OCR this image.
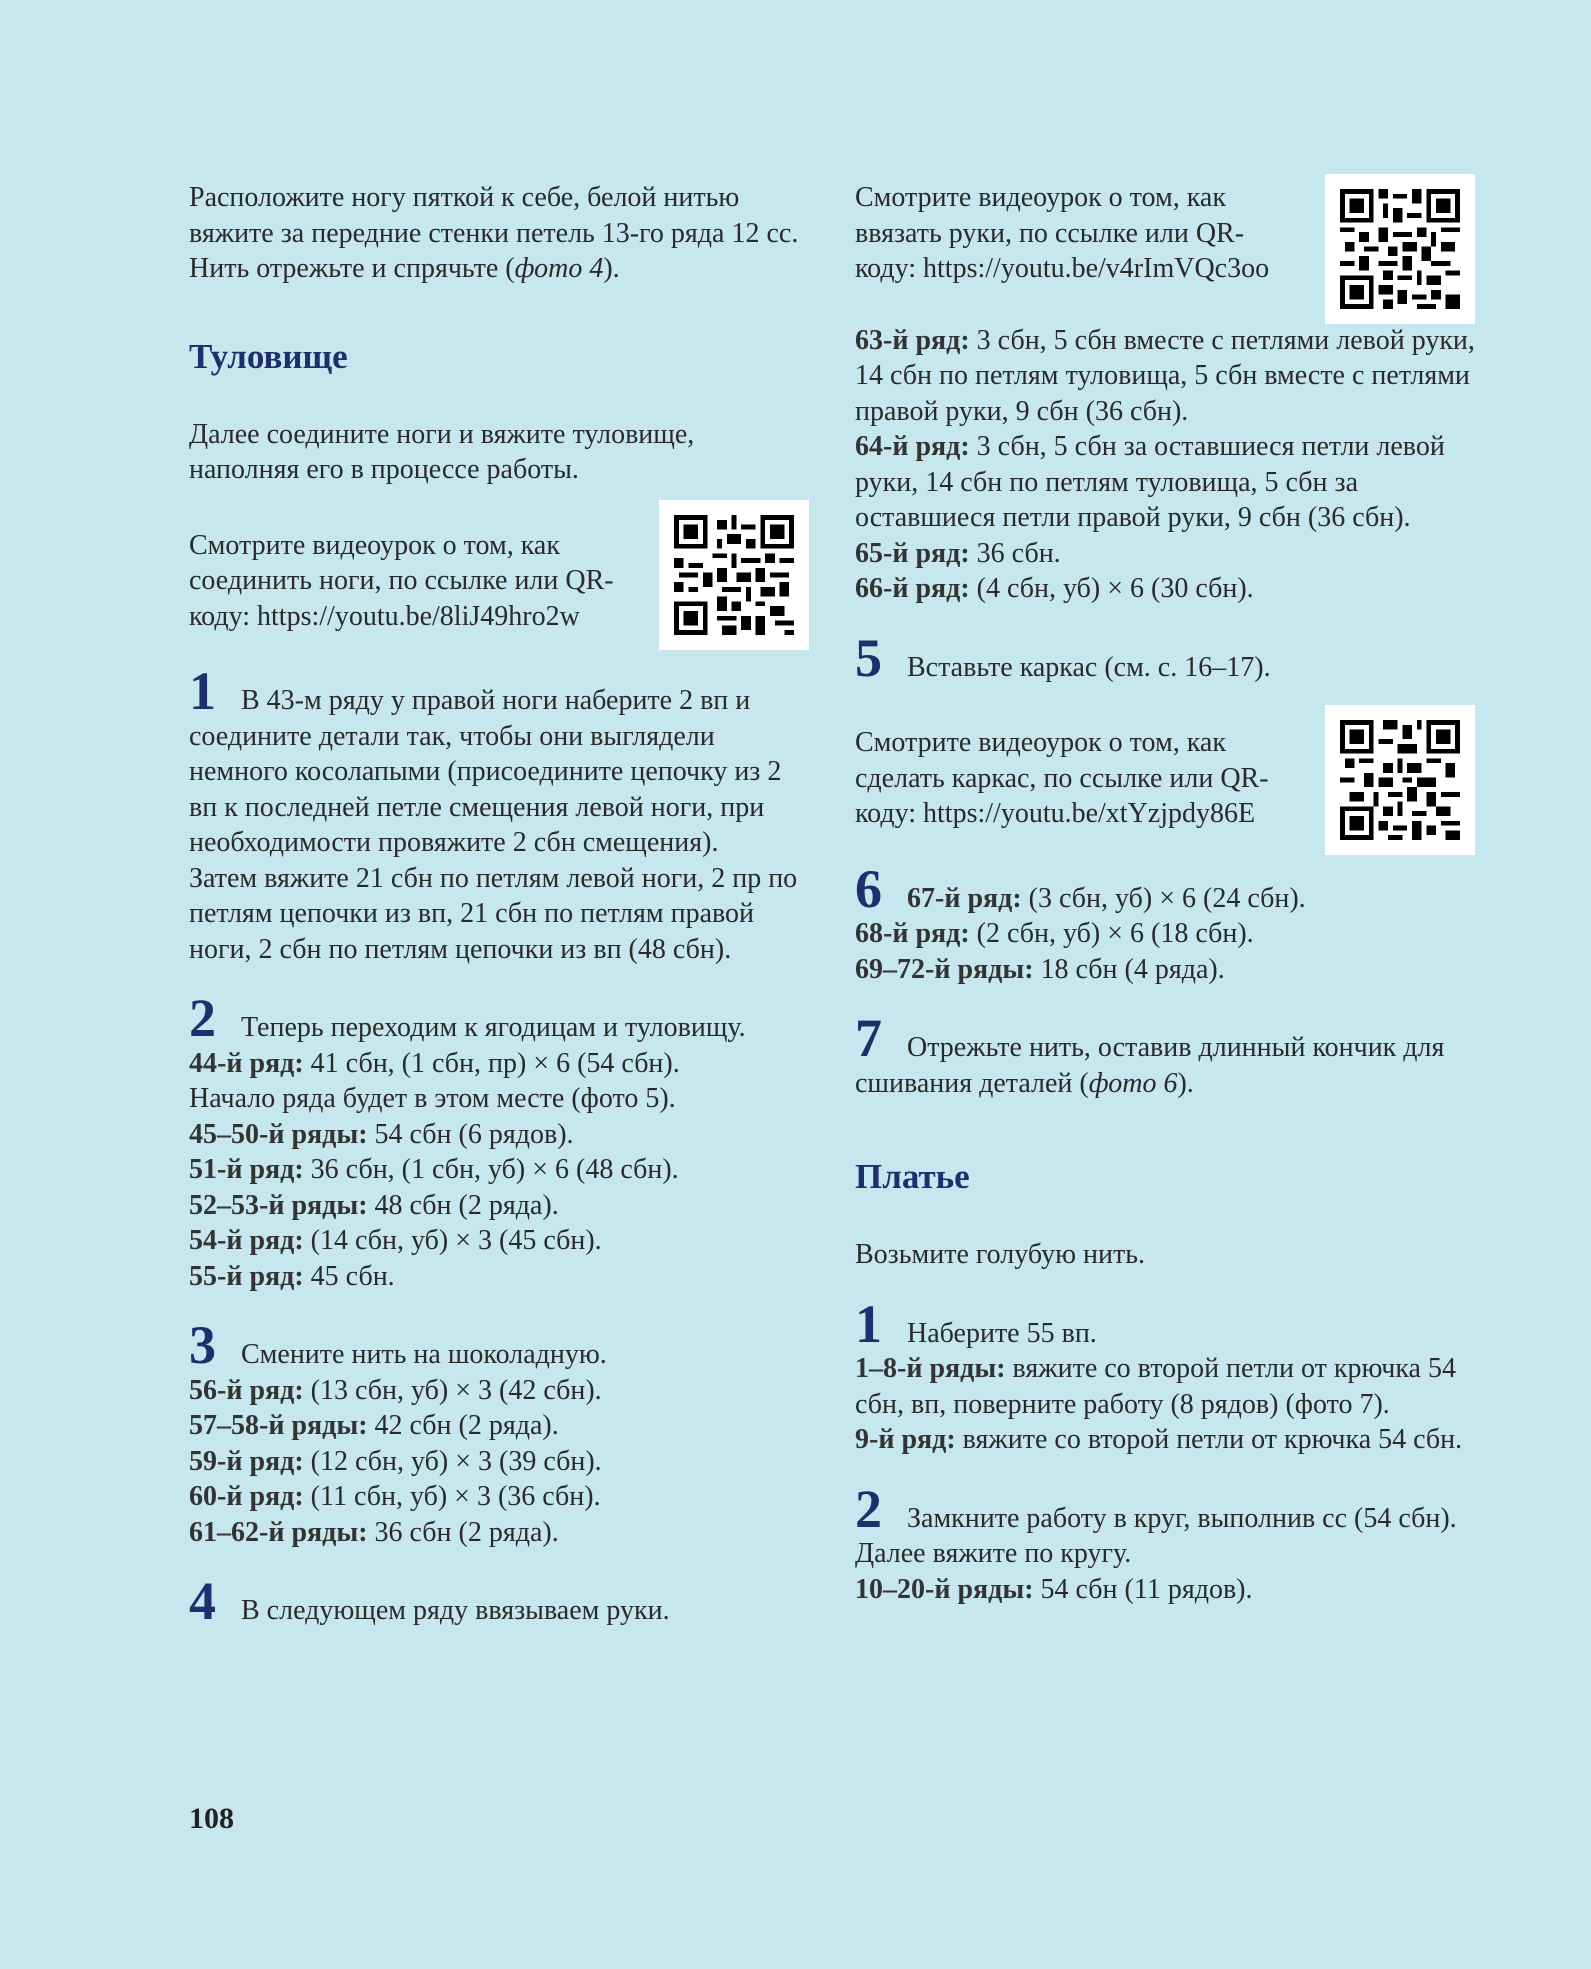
Расположите ногу пяткой к себе, белой нитью вяжите за передние стенки петель 13-го ряда 12 сс. Нить отрежьте и спрячьте (фото 4).

Туловище

Далее соедините ноги и вяжите туловище, наполняя его в процессе работы.

Смотрите видеоурок о том, как соединить ноги, по ссылке или QR-коду: https://youtu.be/8liJ49hro2w

1 В 43-м ряду у правой ноги наберите 2 вп и соедините детали так, чтобы они выглядели немного косолапыми (присоедините цепочку из 2 вп к последней петле смещения левой ноги, при необходимости провяжите 2 сбн смещения).

Затем вяжите 21 сбн по петлям левой ноги, 2 пр по петлям цепочки из вп, 21 сбн по петлям правой ноги, 2 сбн по петлям цепочки из вп (48 сбн).

2 Теперь переходим к ягодицам и туловищу.

44-й ряд: 41 сбн, (1 сбн, пр) × 6 (54 сбн).

Начало ряда будет в этом месте (фото 5).

45–50-й ряды: 54 сбн (6 рядов).

51-й ряд: 36 сбн, (1 сбн, уб) × 6 (48 сбн).

52–53-й ряды: 48 сбн (2 ряда).

54-й ряд: (14 сбн, уб) × 3 (45 сбн).

55-й ряд: 45 сбн.

3 Смените нить на шоколадную.

56-й ряд: (13 сбн, уб) × 3 (42 сбн).

57–58-й ряды: 42 сбн (2 ряда).

59-й ряд: (12 сбн, уб) × 3 (39 сбн).

60-й ряд: (11 сбн, уб) × 3 (36 сбн).

61–62-й ряды: 36 сбн (2 ряда).

4 В следующем ряду ввязываем руки.

Смотрите видеоурок о том, как ввязать руки, по ссылке или QR-коду: https://youtu.be/v4rImVQc3oo

63-й ряд: 3 сбн, 5 сбн вместе с петлями левой руки, 14 сбн по петлям туловища, 5 сбн вместе с петлями правой руки, 9 сбн (36 сбн).

64-й ряд: 3 сбн, 5 сбн за оставшиеся петли левой руки, 14 сбн по петлям туловища, 5 сбн за оставшиеся петли правой руки, 9 сбн (36 сбн).

65-й ряд: 36 сбн.

66-й ряд: (4 сбн, уб) × 6 (30 сбн).

5 Вставьте каркас (см. с. 16–17).

Смотрите видеоурок о том, как сделать каркас, по ссылке или QR-коду: https://youtu.be/xtYzjpdy86E

6 67-й ряд: (3 сбн, уб) × 6 (24 сбн).

68-й ряд: (2 сбн, уб) × 6 (18 сбн).

69–72-й ряды: 18 сбн (4 ряда).

7 Отрежьте нить, оставив длинный кончик для сшивания деталей (фото 6).

Платье

Возьмите голубую нить.

1 Наберите 55 вп.

1–8-й ряды: вяжите со второй петли от крючка 54 сбн, вп, поверните работу (8 рядов) (фото 7).

9-й ряд: вяжите со второй петли от крючка 54 сбн.

2 Замкните работу в круг, выполнив сс (54 сбн). Далее вяжите по кругу.

10–20-й ряды: 54 сбн (11 рядов).

108
